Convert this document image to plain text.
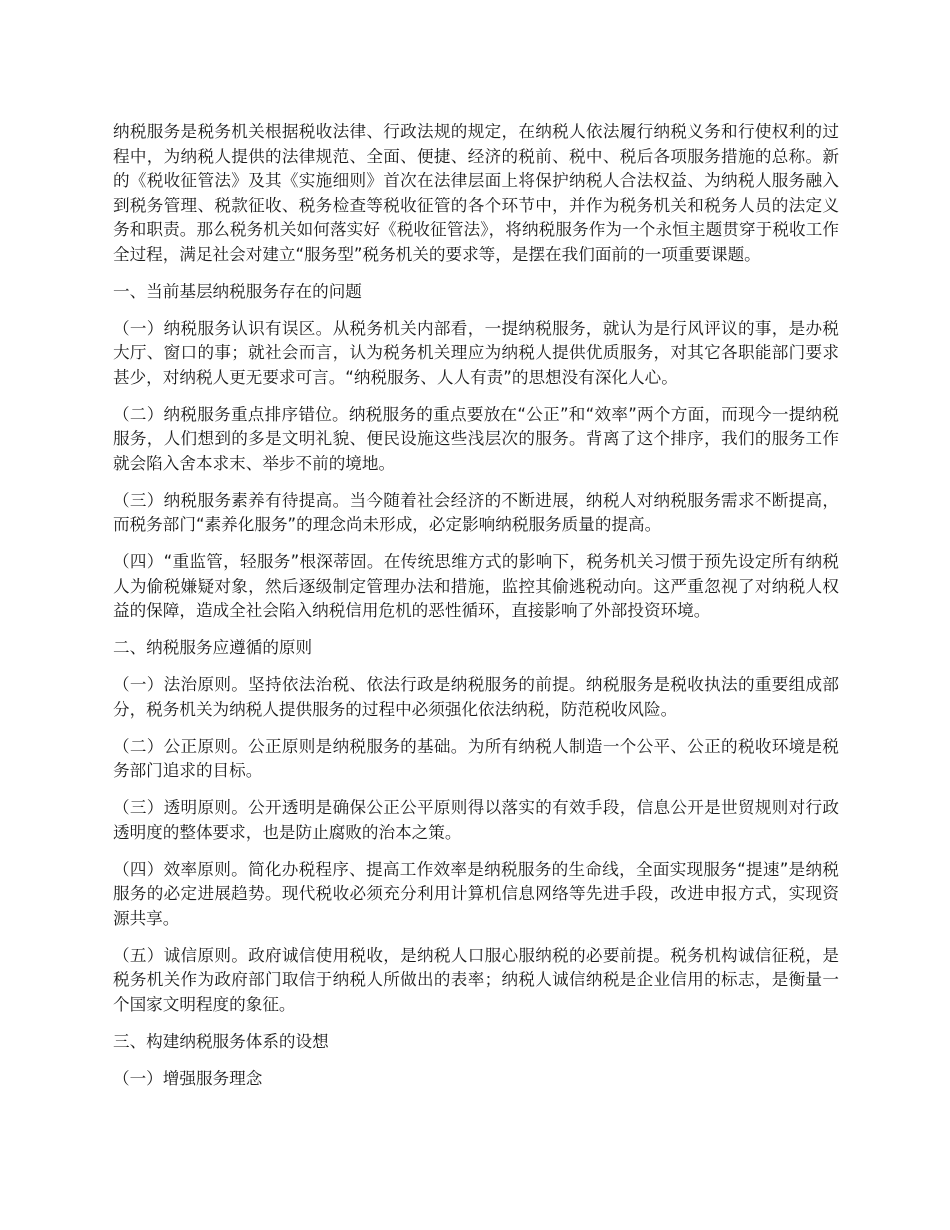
纳税服务是税务机关根据税收法律、行政法规的规定，在纳税人依法履行纳税义务和行使权利的过程中，为纳税人提供的法律规范、全面、便捷、经济的税前、税中、税后各项服务措施的总称。新的《税收征管法》及其《实施细则》首次在法律层面上将保护纳税人合法权益、为纳税人服务融入到税务管理、税款征收、税务检查等税收征管的各个环节中，并作为税务机关和税务人员的法定义务和职责。那么税务机关如何落实好《税收征管法》，将纳税服务作为一个永恒主题贯穿于税收工作全过程，满足社会对建立“服务型”税务机关的要求等，是摆在我们面前的一项重要课题。

一、当前基层纳税服务存在的问题

（一）纳税服务认识有误区。从税务机关内部看，一提纳税服务，就认为是行风评议的事，是办税大厅、窗口的事；就社会而言，认为税务机关理应为纳税人提供优质服务，对其它各职能部门要求甚少，对纳税人更无要求可言。“纳税服务、人人有责”的思想没有深化人心。

（二）纳税服务重点排序错位。纳税服务的重点要放在“公正”和“效率”两个方面，而现今一提纳税服务，人们想到的多是文明礼貌、便民设施这些浅层次的服务。背离了这个排序，我们的服务工作就会陷入舍本求末、举步不前的境地。

（三）纳税服务素养有待提高。当今随着社会经济的不断进展，纳税人对纳税服务需求不断提高，而税务部门“素养化服务”的理念尚未形成，必定影响纳税服务质量的提高。

（四）“重监管，轻服务”根深蒂固。在传统思维方式的影响下，税务机关习惯于预先设定所有纳税人为偷税嫌疑对象，然后逐级制定管理办法和措施，监控其偷逃税动向。这严重忽视了对纳税人权益的保障，造成全社会陷入纳税信用危机的恶性循环，直接影响了外部投资环境。

二、纳税服务应遵循的原则

（一）法治原则。坚持依法治税、依法行政是纳税服务的前提。纳税服务是税收执法的重要组成部分，税务机关为纳税人提供服务的过程中必须强化依法纳税，防范税收风险。

（二）公正原则。公正原则是纳税服务的基础。为所有纳税人制造一个公平、公正的税收环境是税务部门追求的目标。

（三）透明原则。公开透明是确保公正公平原则得以落实的有效手段，信息公开是世贸规则对行政透明度的整体要求，也是防止腐败的治本之策。

（四）效率原则。简化办税程序、提高工作效率是纳税服务的生命线，全面实现服务“提速”是纳税服务的必定进展趋势。现代税收必须充分利用计算机信息网络等先进手段，改进申报方式，实现资源共享。

（五）诚信原则。政府诚信使用税收，是纳税人口服心服纳税的必要前提。税务机构诚信征税，是税务机关作为政府部门取信于纳税人所做出的表率；纳税人诚信纳税是企业信用的标志，是衡量一个国家文明程度的象征。

三、构建纳税服务体系的设想

（一）增强服务理念
